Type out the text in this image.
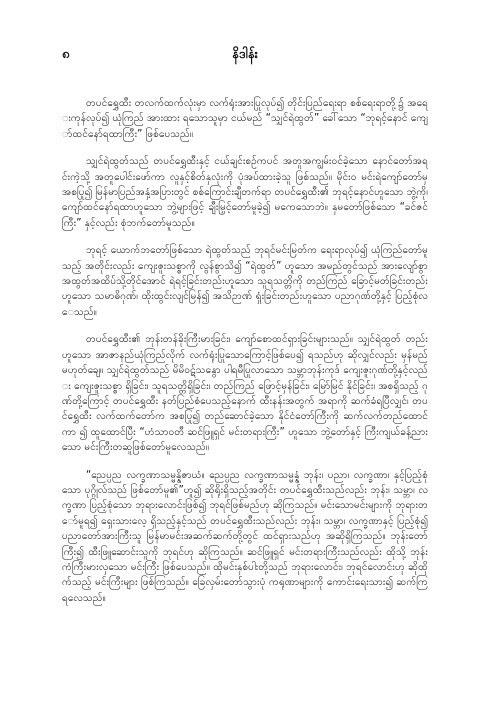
၈	နိဒါန်း

တပင်ရွှေထီး တလက်ထက်လုံးမှာ လက်ရုံးအားပြုလုပ်၍ တိုင်းပြည်ရေးရာ စစ်ရေးရာတို့၌ အရေးကုန်လုပ်၍ ယုံကြည် အားထား ရသောသူမှာ ငယ်မည် “သျှင်ရဲထွတ်” ခေါ်သော “ဘုရင့်နောင် ကျော်ထင်နော်ရထာကြီး” ဖြစ်ပေသည်။

သျှင်ရဲထွတ်သည် တပင်ရွှေထီးနှင့် ငယ်ချင်းစဉ်ကပင် အတူအကျွမ်းဝင်ခဲ့သော နောင်တော်အရင်းကဲ့သို့ အတူပေါင်းဖော်ကာ လူနှင့်စိတ်နှလုံးကို ပုံအပ်ထားခဲ့သူ ဖြစ်သည်။ မိုင်းဝ မင်းရဲကျော်တော်မှ အစပြု၍ မြန်မာပြည်အနှံ့အပြားတွင် စစ်ကြောင်းချီတက်ရာ တပင်ရွှေထီး၏ ဘုရင့်နောင်ဟူသော ဘွဲ့ကို၊ ကျော်ထင်နော်ရထာဟူသော ဘွဲ့များဖြင့် ချီးမြှင့်တော်မူခဲ့၍ မကေသောဘဲ။ နှမတော်ဖြစ်သော “ခင်ဇင်ကြီး” နှင့်လည်း စုံဘက်တော်မူသည်။

ဘုရင့် ယောက်ဘတော်ဖြစ်သော ရဲထွတ်သည် ဘုရင်မင်းမြတ်က ရေးရာလုပ်၍ ယုံကြည်တော်မူသည့် အတိုင်းလည်း ကျေးဇူးသစ္စာကို လွန်စွာသိ၍ “ရဲထွတ်” ဟူသော အမည်တွင်သည် အားလျော်စွာ အထွတ်အထိပ်သို့တိုင်အောင် ရဲရင့်ခြင်းတည်းဟူသော သူရသတ္တိကို တည်ကြည် ခြောင့်မတ်ခြင်းတည်းဟူသော သမာဓိဂုဏ်၊ ထိုးထွင်းလျင်မြန်၍ အသိဉာဏ် ရှုံးခြင်းတည်းဟူသော ပညာဂုဏ်တို့နှင့် ပြည့်စုံလေသည်။

တပင်ရွှေထီး၏ ဘုန်းတန်ခိုးကြီးမားခြင်း၊ ကျော်စောထင်ရှားခြင်းများသည်။ သျှင်ရဲထွတ် တည်းဟူသော အာဇာနည်ယုံကြည်လိုက် လက်ရုံးပြုသောကြောင့်ဖြစ်ပေ၍ ရသည်ဟု ဆိုလျှင်လည်း မှန်မည်မဟုတ်ချေ။ သျှင်ရဲထွတ်သည် မိမိဝဋ်သနွော ပါရမီပြုလာသော သမ္ဘာဘုန်းကုဒ် ကျေးဇူးဂုဏ်တို့နှင့်လည်း ကျေးဇူးသစ္စာ ရှိခြင်း၊ သူရသတ္တိရှိခြင်း၊ တည်ကြည် ဖြောင့်မှန်ခြင်း၊ မြော်မြင် နိုင်ခြင်း၊ အစရှိသည့် ဂုဏ်တို့ကြောင့် တပင်ရွှေထီး နတ်ပြည်စံပေသည့်နောက် ထီးနန်းအတွက် အရာကို ဆက်ခံရပြီလျှင်၊ တပင်ရွှေထီး လက်ထက်တော်က အစပြု၍ တည်ဆောင်ခဲ့သော နိုင်ငံတော်ကြီးကို ဆက်လက်တည်ထောင်ကာ ၍ ထူထောင်ပြီး “ဟံသာဝတီ ဆင်ဖြူရှင် မင်းတရားကြီး” ဟူသော ဘွဲ့တော်နှင့် ကြီးကျယ်ခန့်ညားသော မင်းကြီးတဆူဖြစ်တော်မူလေသည်။

“ညေပ္ပည လက္ခဏာသမ္မန္နိဇာယံ။ ညေပ္ပည လက္ခဏာသမ္မန္နံ ဘုန်း၊ ပညာ၊ လက္ခဏာ၊ နှင့်ပြည့်စုံသော ပုဂ္ဂိုလ်သည် ဖြစ်တော်မူ၏”ဟူ၍ ဆိုရိုးရှိသည့်အတိုင်း တပင်ရွှေထီးသည်လည်း ဘုန်း၊ သမ္ဘာ၊ လက္ခဏာ ပြည့်စုံသော ဘုရားလောင်းဖြစ်၍ ဘုရင်ဖြစ်မည်ဟု ဆိုကြသည်။ မင်းသောမင်းများကို ဘုရားတော်မူရ၍ ရှေးသားလေ့ ရှိသည့်နှင့်သည် တပင်ရွှေထီးသည်လည်း ဘုန်း၊ သမ္ဘာ၊ လက္ခဏာနှင့် ပြည့်စုံ၍ ပညာတော်အားကြီးသူ မြန်မာမင်းအဆက်ဆက်တို့တွင် ထင်ရှားသည်ဟု အဆိုရှိကြသည်။ ဘုန်းတော်ကြီး၍ ထီးဖြူဆောင်းသူကို ဘုရင်ဟု ဆိုကြသည်။ ဆင်ဖြူရှင် မင်းတရားကြီးသည်လည်း ထိုသို့ ဘုန်းကံကြီးမားလှသော မင်းကြီး ဖြစ်ပေသည်။ ထိုမင်းနှစ်ပါးတို့သည် ဘုရားလောင်း၊ ဘုရင်လောင်းဟု ဆိုထိုက်သည့် မင်းကြီးများ ဖြစ်ကြသည်။ ခြေလှမ်းတော်သွားပုံ ကရုဏာများကို ကောင်းရေးသား၍ ဆက်ကြရလေသည်။
